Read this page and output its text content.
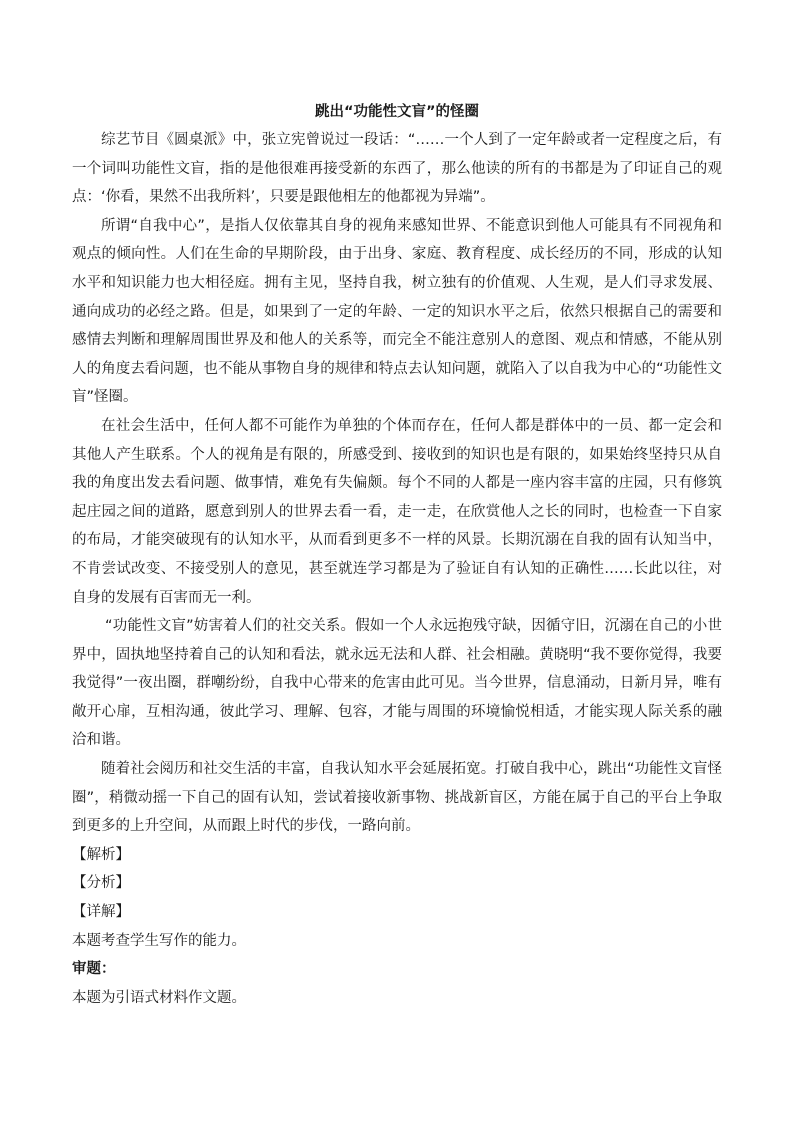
跳出“功能性文盲”的怪圈

综艺节目《圆桌派》中，张立宪曾说过一段话：“……一个人到了一定年龄或者一定程度之后，有一个词叫功能性文盲，指的是他很难再接受新的东西了，那么他读的所有的书都是为了印证自己的观点：‘你看，果然不出我所料’，只要是跟他相左的他都视为异端”。

所谓“自我中心”，是指人仅依靠其自身的视角来感知世界、不能意识到他人可能具有不同视角和观点的倾向性。人们在生命的早期阶段，由于出身、家庭、教育程度、成长经历的不同，形成的认知水平和知识能力也大相径庭。拥有主见，坚持自我，树立独有的价值观、人生观，是人们寻求发展、通向成功的必经之路。但是，如果到了一定的年龄、一定的知识水平之后，依然只根据自己的需要和感情去判断和理解周围世界及和他人的关系等，而完全不能注意别人的意图、观点和情感，不能从别人的角度去看问题，也不能从事物自身的规律和特点去认知问题，就陷入了以自我为中心的“功能性文盲”怪圈。

在社会生活中，任何人都不可能作为单独的个体而存在，任何人都是群体中的一员、都一定会和其他人产生联系。个人的视角是有限的，所感受到、接收到的知识也是有限的，如果始终坚持只从自我的角度出发去看问题、做事情，难免有失偏颇。每个不同的人都是一座内容丰富的庄园，只有修筑起庄园之间的道路，愿意到别人的世界去看一看，走一走，在欣赏他人之长的同时，也检查一下自家的布局，才能突破现有的认知水平，从而看到更多不一样的风景。长期沉溺在自我的固有认知当中，不肯尝试改变、不接受别人的意见，甚至就连学习都是为了验证自有认知的正确性……长此以往，对自身的发展有百害而无一利。

“功能性文盲”妨害着人们的社交关系。假如一个人永远抱残守缺，因循守旧，沉溺在自己的小世界中，固执地坚持着自己的认知和看法，就永远无法和人群、社会相融。黄晓明“我不要你觉得，我要我觉得”一夜出圈，群嘲纷纷，自我中心带来的危害由此可见。当今世界，信息涌动，日新月异，唯有敞开心扉，互相沟通，彼此学习、理解、包容，才能与周围的环境愉悦相适，才能实现人际关系的融洽和谐。

随着社会阅历和社交生活的丰富，自我认知水平会延展拓宽。打破自我中心，跳出“功能性文盲怪圈”，稍微动摇一下自己的固有认知，尝试着接收新事物、挑战新盲区，方能在属于自己的平台上争取到更多的上升空间，从而跟上时代的步伐，一路向前。

【解析】
【分析】
【详解】
本题考查学生写作的能力。
审题：
本题为引语式材料作文题。
